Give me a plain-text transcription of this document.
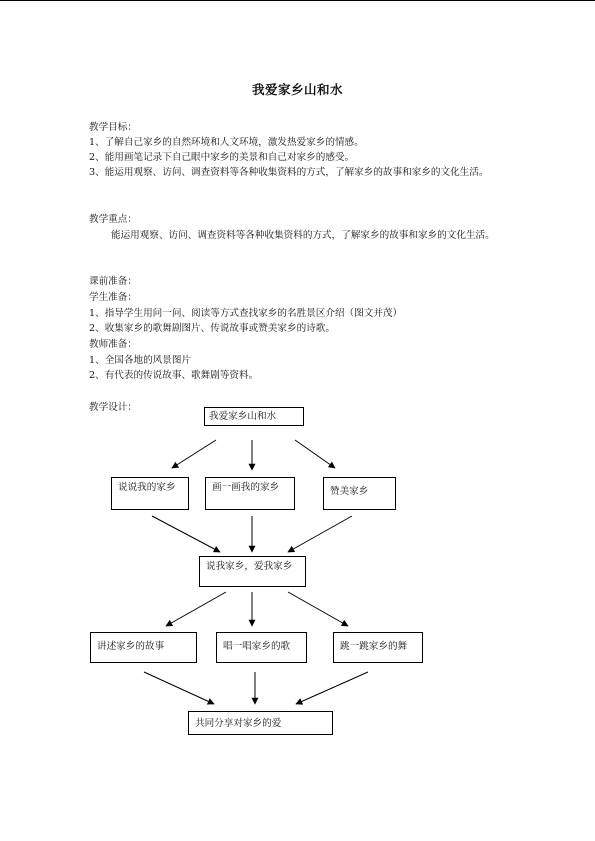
我爱家乡山和水
教学目标：
1、了解自己家乡的自然环境和人文环境，激发热爱家乡的情感。
2、能用画笔记录下自己眼中家乡的美景和自己对家乡的感受。
3、能运用观察、访问、调查资料等各种收集资料的方式，了解家乡的故事和家乡的文化生活。
教学重点：
能运用观察、访问、调查资料等各种收集资料的方式，了解家乡的故事和家乡的文化生活。
课前准备：
学生准备：
1、指导学生用问一问、阅读等方式查找家乡的名胜景区介绍（图文并茂）
2、收集家乡的歌舞剧图片、传说故事或赞美家乡的诗歌。
教师准备：
1、全国各地的风景图片
2、有代表的传说故事、歌舞剧等资料。
教学设计：
我爱家乡山和水
说说我的家乡	画一画我的家乡	赞美家乡
说我家乡，爱我家乡
讲述家乡的故事	唱一唱家乡的歌	跳一跳家乡的舞
共同分享对家乡的爱
